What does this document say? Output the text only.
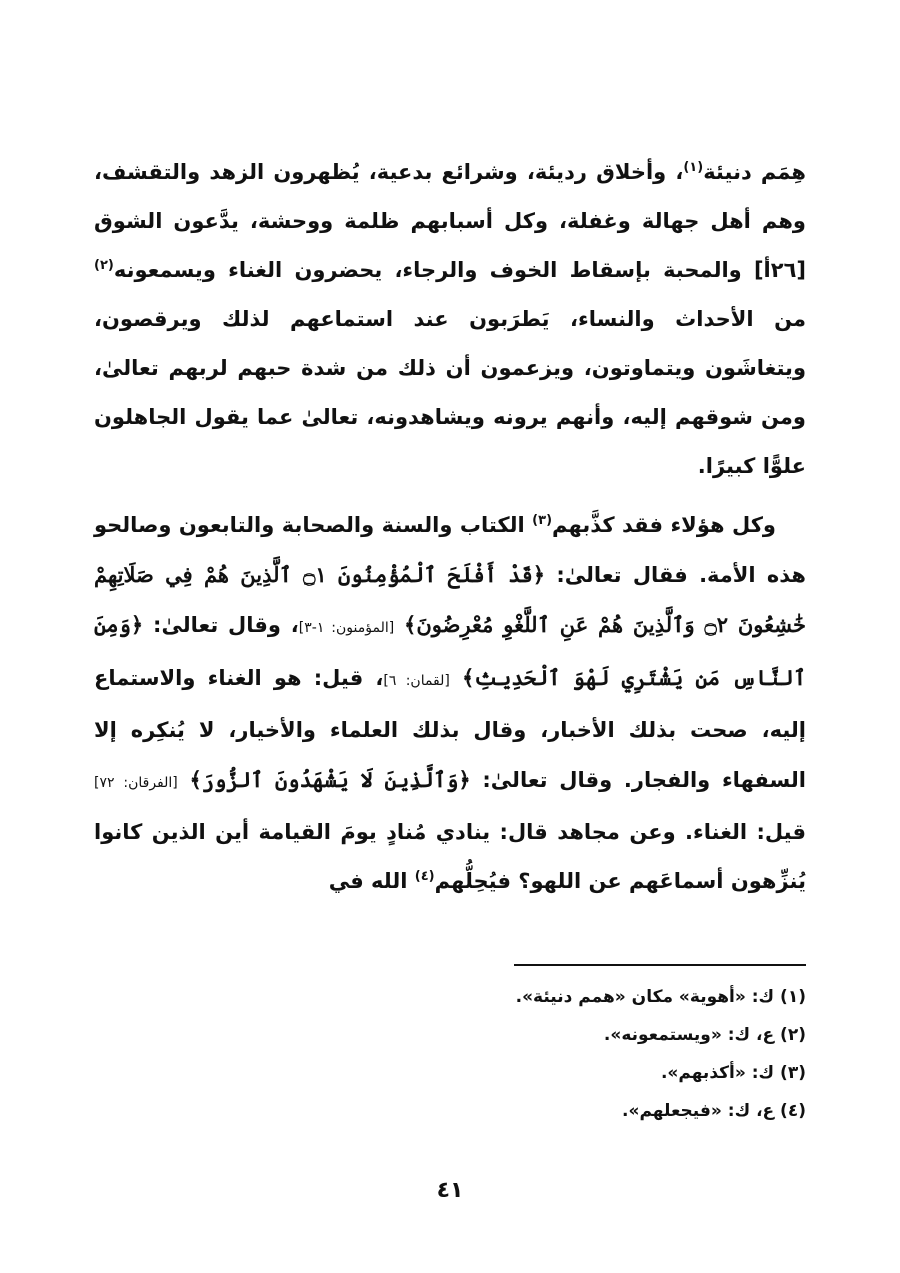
هِمَم دنيئة$^{(١)}$، وأخلاق رديئة، وشرائع بدعية، يُظهرون الزهد والتقشف، وهم أهل جهالة وغفلة، وكل أسبابهم ظلمة ووحشة، يدَّعون الشوق [٢٦أ] والمحبة بإسقاط الخوف والرجاء، يحضرون الغناء ويسمعونه$^{(٢)}$ من الأحداث والنساء، يَطرَبون عند استماعهم لذلك ويرقصون، ويتغاشَون ويتماوتون، ويزعمون أن ذلك من شدة حبهم لربهم تعالىٰ، ومن شوقهم إليه، وأنهم يرونه ويشاهدونه، تعالىٰ عما يقول الجاهلون علوًّا كبيرًا.

وكل هؤلاء فقد كذَّبهم$^{(٣)}$ الكتاب والسنة والصحابة والتابعون وصالحو هذه الأمة. فقال تعالىٰ: ﴿قَدْ أَفْلَحَ ٱلْمُؤْمِنُونَ ۝١ ٱلَّذِينَ هُمْ فِي صَلَاتِهِمْ خَٰشِعُونَ ۝٢ وَٱلَّذِينَ هُمْ عَنِ ٱللَّغْوِ مُعْرِضُونَ﴾ [المؤمنون: ١-٣]، وقال تعالىٰ: ﴿وَمِنَ ٱلنَّاسِ مَن يَشْتَرِي لَهْوَ ٱلْحَدِيثِ﴾ [لقمان: ٦]، قيل: هو الغناء والاستماع إليه، صحت بذلك الأخبار، وقال بذلك العلماء والأخيار، لا يُنكِره إلا السفهاء والفجار. وقال تعالىٰ: ﴿وَٱلَّذِينَ لَا يَشْهَدُونَ ٱلزُّورَ﴾ [الفرقان: ٧٢] قيل: الغناء. وعن مجاهد قال: ينادي مُنادٍ يومَ القيامة أين الذين كانوا يُنزِّهون أسماعَهم عن اللهو؟ فيُحِلُّهم$^{(٤)}$ الله في

(١) ك: «أهوية» مكان «همم دنيئة».
(٢) ع، ك: «ويستمعونه».
(٣) ك: «أكذبهم».
(٤) ع، ك: «فيجعلهم».
٤١
